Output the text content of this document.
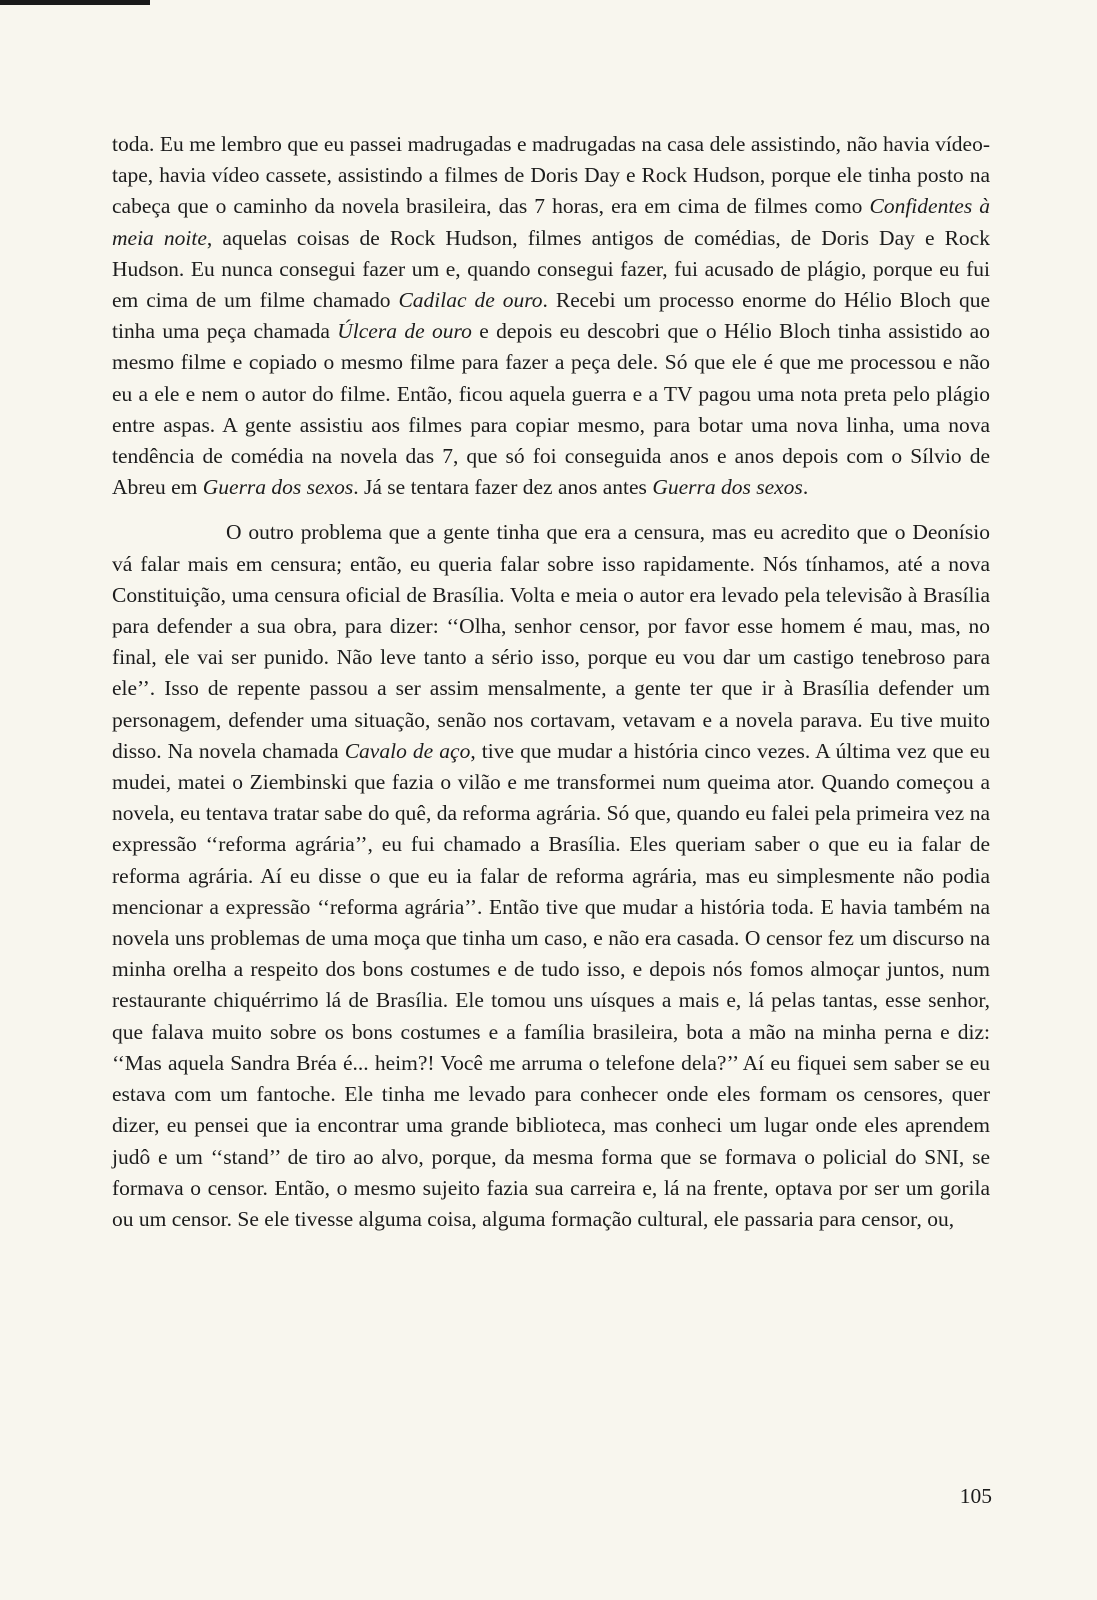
toda. Eu me lembro que eu passei madrugadas e madrugadas na casa dele assistindo, não havia vídeo-tape, havia vídeo cassete, assistindo a filmes de Doris Day e Rock Hudson, porque ele tinha posto na cabeça que o caminho da novela brasileira, das 7 horas, era em cima de filmes como Confidentes à meia noite, aquelas coisas de Rock Hudson, filmes antigos de comédias, de Doris Day e Rock Hudson. Eu nunca consegui fazer um e, quando consegui fazer, fui acusado de plágio, porque eu fui em cima de um filme chamado Cadilac de ouro. Recebi um processo enorme do Hélio Bloch que tinha uma peça chamada Úlcera de ouro e depois eu descobri que o Hélio Bloch tinha assistido ao mesmo filme e copiado o mesmo filme para fazer a peça dele. Só que ele é que me processou e não eu a ele e nem o autor do filme. Então, ficou aquela guerra e a TV pagou uma nota preta pelo plágio entre aspas. A gente assistiu aos filmes para copiar mesmo, para botar uma nova linha, uma nova tendência de comédia na novela das 7, que só foi conseguida anos e anos depois com o Sílvio de Abreu em Guerra dos sexos. Já se tentara fazer dez anos antes Guerra dos sexos.

O outro problema que a gente tinha que era a censura, mas eu acredito que o Deonísio vá falar mais em censura; então, eu queria falar sobre isso rapidamente. Nós tínhamos, até a nova Constituição, uma censura oficial de Brasília. Volta e meia o autor era levado pela televisão à Brasília para defender a sua obra, para dizer: ‘‘Olha, senhor censor, por favor esse homem é mau, mas, no final, ele vai ser punido. Não leve tanto a sério isso, porque eu vou dar um castigo tenebroso para ele’’. Isso de repente passou a ser assim mensalmente, a gente ter que ir à Brasília defender um personagem, defender uma situação, senão nos cortavam, vetavam e a novela parava. Eu tive muito disso. Na novela chamada Cavalo de aço, tive que mudar a história cinco vezes. A última vez que eu mudei, matei o Ziembinski que fazia o vilão e me transformei num queima ator. Quando começou a novela, eu tentava tratar sabe do quê, da reforma agrária. Só que, quando eu falei pela primeira vez na expressão ‘‘reforma agrária’’, eu fui chamado a Brasília. Eles queriam saber o que eu ia falar de reforma agrária. Aí eu disse o que eu ia falar de reforma agrária, mas eu simplesmente não podia mencionar a expressão ‘‘reforma agrária’’. Então tive que mudar a história toda. E havia também na novela uns problemas de uma moça que tinha um caso, e não era casada. O censor fez um discurso na minha orelha a respeito dos bons costumes e de tudo isso, e depois nós fomos almoçar juntos, num restaurante chiquérrimo lá de Brasília. Ele tomou uns uísques a mais e, lá pelas tantas, esse senhor, que falava muito sobre os bons costumes e a família brasileira, bota a mão na minha perna e diz: ‘‘Mas aquela Sandra Bréa é... heim?! Você me arruma o telefone dela?’’ Aí eu fiquei sem saber se eu estava com um fantoche. Ele tinha me levado para conhecer onde eles formam os censores, quer dizer, eu pensei que ia encontrar uma grande biblioteca, mas conheci um lugar onde eles aprendem judô e um ‘‘stand’’ de tiro ao alvo, porque, da mesma forma que se formava o policial do SNI, se formava o censor. Então, o mesmo sujeito fazia sua carreira e, lá na frente, optava por ser um gorila ou um censor. Se ele tivesse alguma coisa, alguma formação cultural, ele passaria para censor, ou,

105
